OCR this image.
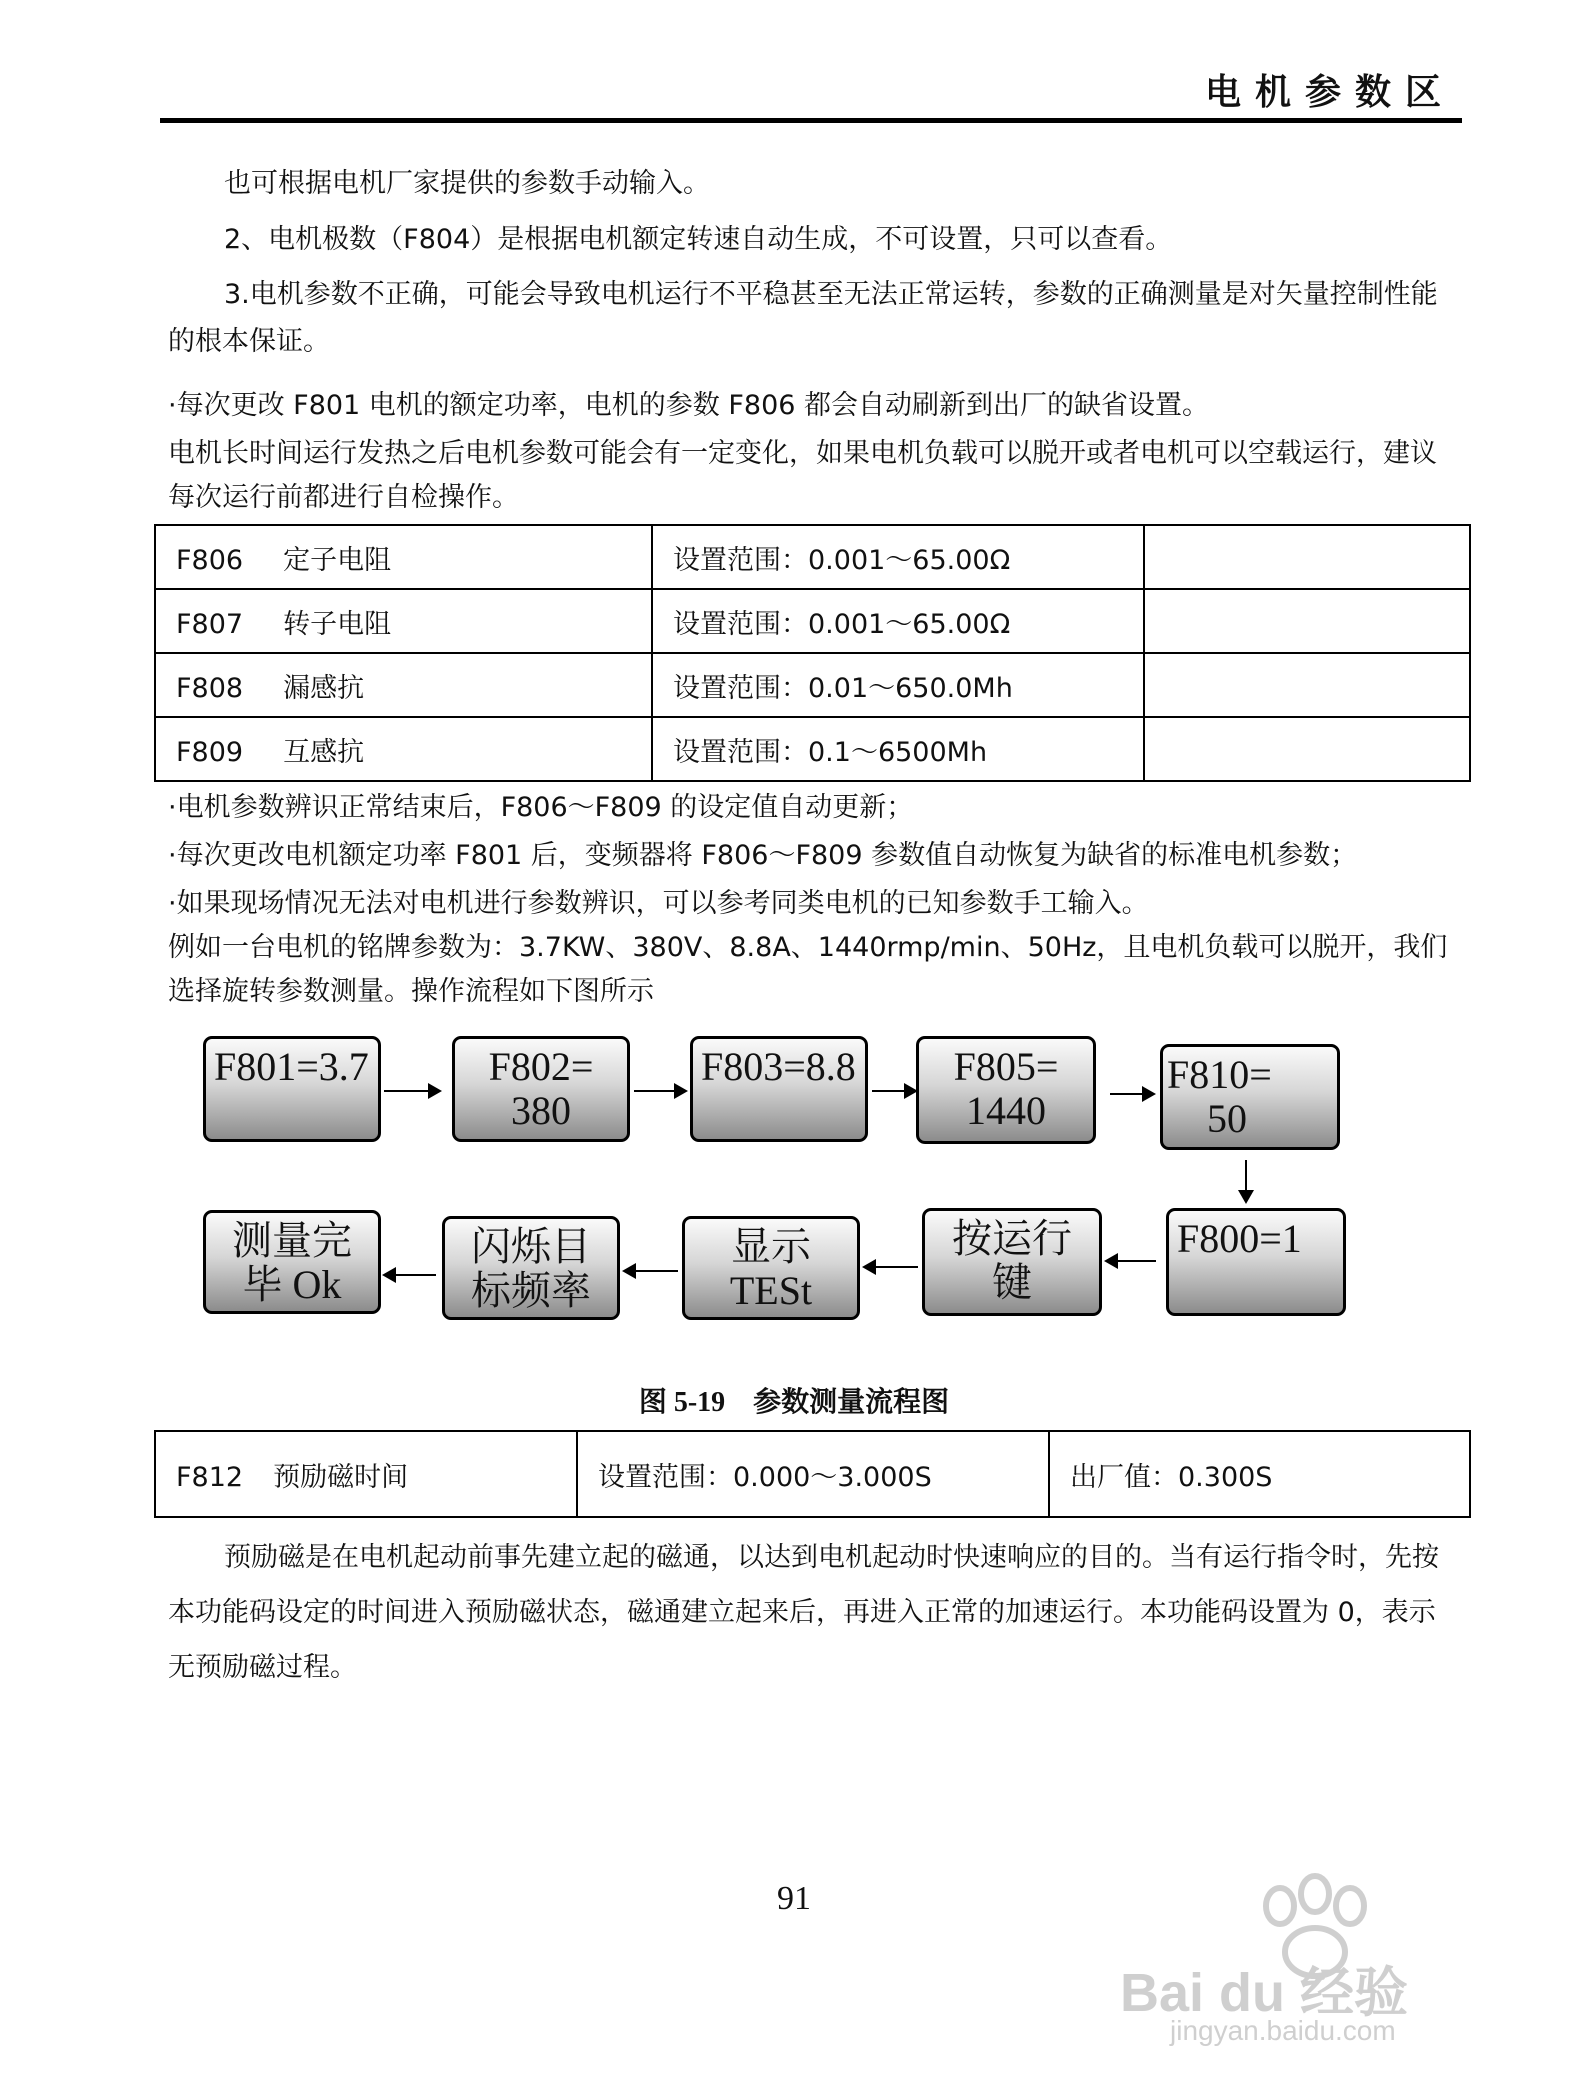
电机参数区

也可根据电机厂家提供的参数手动输入。

2、电机极数（F804）是根据电机额定转速自动生成，不可设置，只可以查看。

3.电机参数不正确，可能会导致电机运行不平稳甚至无法正常运转，参数的正确测量是对矢量控制性能的根本保证。

·每次更改 F801 电机的额定功率，电机的参数 F806 都会自动刷新到出厂的缺省设置。

电机长时间运行发热之后电机参数可能会有一定变化，如果电机负载可以脱开或者电机可以空载运行，建议每次运行前都进行自检操作。

F806 定子电阻	设置范围：0.001～65.00Ω	
F807 转子电阻	设置范围：0.001～65.00Ω	
F808 漏感抗	设置范围：0.01～650.0Mh	
F809 互感抗	设置范围：0.1～6500Mh	

·电机参数辨识正常结束后，F806～F809 的设定值自动更新；

·每次更改电机额定功率 F801 后，变频器将 F806～F809 参数值自动恢复为缺省的标准电机参数；

·如果现场情况无法对电机进行参数辨识，可以参考同类电机的已知参数手工输入。

例如一台电机的铭牌参数为：3.7KW、380V、8.8A、1440rmp/min、50Hz，且电机负载可以脱开，我们选择旋转参数测量。操作流程如下图所示

F801=3.7	F802=
380
F803=8.8	F805=
1440
F810=
50
测量完
毕 Ok
闪烁目
标频率
显示
TESt
按运行
键
F800=1
图 5-19　参数测量流程图
F812 预励磁时间	设置范围：0.000～3.000S	出厂值：0.300S

预励磁是在电机起动前事先建立起的磁通，以达到电机起动时快速响应的目的。当有运行指令时，先按本功能码设定的时间进入预励磁状态，磁通建立起来后，再进入正常的加速运行。本功能码设置为 0，表示无预励磁过程。

91
Bai du 经验
jingyan.baidu.com
